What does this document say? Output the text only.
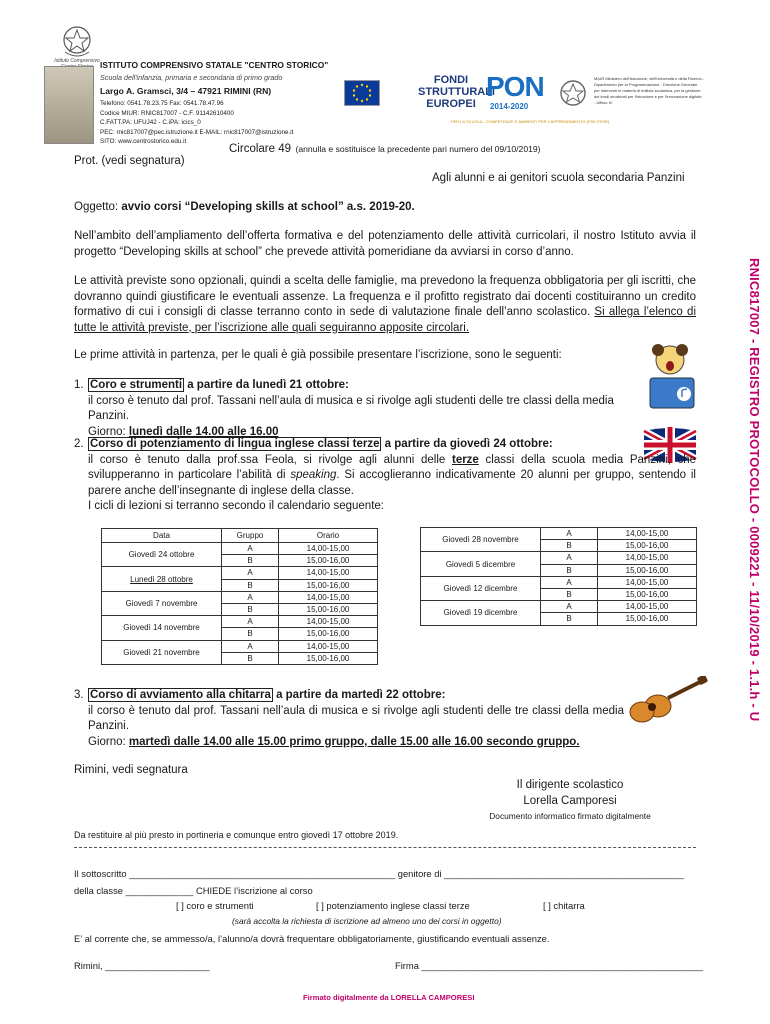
Istituto Comprensivo ISTITUTO COMPRENSIVO STATALE "CENTRO STORICO"
Scuola dell'infanzia, primaria e secondaria di primo grado
Largo A. Gramsci, 3/4 – 47921 RIMINI (RN)
Telefono: 0541.78.23.75 Fax: 0541.78.47.96
Codice MIUR: RNIC817007 - C.F. 91142610400
C.FATT.PA: UFUJ42 - C.iPA: icics_0
PEC: rnic817007@pec.istruzione.it E-MAIL: rnic817007@istruzione.it
SITO: www.centrostorico.edu.it
FONDI
STRUTTURALI
EUROPEI
PON
2014-2020
MIUR Ministero dell'Istruzione, dell'Università e della Ricerca - Dipartimento per la Programmazione - Direzione Generale per interventi in materia di edilizia scolastica, per la gestione dei fondi strutturali per l'istruzione e per l'innovazione digitale - Ufficio IV
PER LA SCUOLA - COMPETENZE E AMBIENTI PER L'APPRENDIMENTO (FSE-FESR)
Circolare 49 (annulla e sostituisce la precedente pari numero del 09/10/2019)
Prot. (vedi segnatura)
Agli alunni e ai genitori scuola secondaria Panzini
Oggetto: avvio corsi “Developing skills at school” a.s. 2019-20.
Nell’ambito dell’ampliamento dell’offerta formativa e del potenziamento delle attività curricolari, il nostro Istituto avvia il progetto “Developing skills at school” che prevede attività pomeridiane da avviarsi in corso d’anno.
Le attività previste sono opzionali, quindi a scelta delle famiglie, ma prevedono la frequenza obbligatoria per gli iscritti, che dovranno quindi giustificare le eventuali assenze. La frequenza e il profitto registrato dai docenti costituiranno un credito formativo di cui i consigli di classe terranno conto in sede di valutazione finale dell’anno scolastico. Si allega l’elenco di tutte le attività previste, per l’iscrizione alle quali seguiranno apposite circolari.
Le prime attività in partenza, per le quali è già possibile presentare l’iscrizione, sono le seguenti:
1. Coro e strumenti a partire da lunedì 21 ottobre:
il corso è tenuto dal prof. Tassani nell’aula di musica e si rivolge agli studenti delle tre classi della media Panzini.
Giorno: lunedì dalle 14.00 alle 16.00
2. Corso di potenziamento di lingua inglese classi terze a partire da giovedì 24 ottobre:
il corso è tenuto dalla prof.ssa Feola, si rivolge agli alunni delle terze classi della scuola media Panzini, che svilupperanno in particolare l’abilità di speaking. Si accoglieranno indicativamente 20 alunni per gruppo, sentendo il parere anche dell’insegnante di inglese della classe.
I cicli di lezioni si terranno secondo il calendario seguente:
Data	Gruppo	Orario
Giovedì 24 ottobre	A	14,00-15,00
	B	15,00-16,00
Lunedì 28 ottobre	A	14,00-15,00
	B	15,00-16,00
Giovedì 7 novembre	A	14,00-15,00
	B	15,00-16,00
Giovedì 14 novembre	A	14,00-15,00
	B	15,00-16,00
Giovedì 21 novembre	A	14,00-15,00
	B	15,00-16,00
Giovedì 28 novembre	A	14,00-15,00
	B	15,00-16,00
Giovedì 5 dicembre	A	14,00-15,00
	B	15,00-16,00
Giovedì 12 dicembre	A	14,00-15,00
	B	15,00-16,00
Giovedì 19 dicembre	A	14,00-15,00
	B	15,00-16,00
3. Corso di avviamento alla chitarra a partire da martedì 22 ottobre:
il corso è tenuto dal prof. Tassani nell’aula di musica e si rivolge agli studenti delle tre classi della media Panzini.
Giorno: martedì dalle 14.00 alle 15.00 primo gruppo, dalle 15.00 alle 16.00 secondo gruppo.
Rimini, vedi segnatura
Il dirigente scolastico
Lorella Camporesi
Documento informatico firmato digitalmente
Da restituire al più presto in portineria e comunque entro giovedì 17 ottobre 2019.
Il sottoscritto ___________________________________________________ genitore di ______________________________________________
della classe _____________ CHIEDE l’iscrizione al corso
[ ] coro e strumenti	[ ] potenziamento inglese classi terze	[ ] chitarra
(sarà accolta la richiesta di iscrizione ad almeno uno dei corsi in oggetto)
E’ al corrente che, se ammesso/a, l’alunno/a dovrà frequentare obbligatoriamente, giustificando eventuali assenze.
Rimini, ____________________	Firma ______________________________________________________
RNIC817007 - REGISTRO PROTOCOLLO - 0009221 - 11/10/2019 - 1.1.h - U
Firmato digitalmente da LORELLA CAMPORESI
